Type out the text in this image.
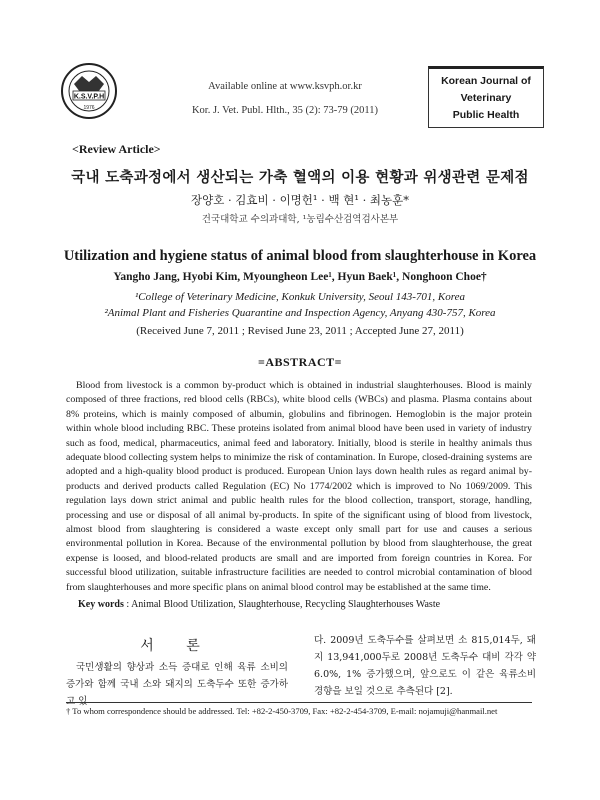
K.S.V.P.H
1976
Available online at www.ksvph.or.kr
Kor. J. Vet. Publ. Hlth., 35 (2): 73-79 (2011)
Korean Journal of
Veterinary
Public Health
<Review Article>
국내 도축과정에서 생산되는 가축 혈액의 이용 현황과 위생관련 문제점
장양호 · 김효비 · 이명헌¹ · 백 현¹ · 최농훈*
건국대학교 수의과대학, ¹농림수산검역검사본부
Utilization and hygiene status of animal blood from slaughterhouse in Korea
Yangho Jang, Hyobi Kim, Myoungheon Lee¹, Hyun Baek¹, Nonghoon Choe†
¹College of Veterinary Medicine, Konkuk University, Seoul 143-701, Korea
²Animal Plant and Fisheries Quarantine and Inspection Agency, Anyang 430-757, Korea
(Received June 7, 2011 ; Revised June 23, 2011 ; Accepted June 27, 2011)
=ABSTRACT=
Blood from livestock is a common by-product which is obtained in industrial slaughterhouses. Blood is mainly composed of three fractions, red blood cells (RBCs), white blood cells (WBCs) and plasma. Plasma contains about 8% proteins, which is mainly composed of albumin, globulins and fibrinogen. Hemoglobin is the major protein within whole blood including RBC. These proteins isolated from animal blood have been used in variety of industry such as food, medical, pharmaceutics, animal feed and laboratory. Initially, blood is sterile in healthy animals thus adequate blood collecting system helps to minimize the risk of contamination. In Europe, closed-draining systems are adopted and a high-quality blood product is produced. European Union lays down health rules as regard animal by-products and derived products called Regulation (EC) No 1774/2002 which is improved to No 1069/2009. This regulation lays down strict animal and public health rules for the blood collection, transport, storage, handling, processing and use or disposal of all animal by-products. In spite of the significant using of blood from livestock, almost blood from slaughtering is considered a waste except only small part for use and causes a serious environmental pollution in Korea. Because of the environmental pollution by blood from slaughterhouse, the great expense is loosed, and blood-related products are small and are imported from foreign countries in Korea. For successful blood utilization, suitable infrastructure facilities are needed to control microbial contamination of blood from slaughterhouses and more specific plans on animal blood control may be established at the same time.
Key words : Animal Blood Utilization, Slaughterhouse, Recycling Slaughterhouses Waste
서 론
국민생활의 향상과 소득 증대로 인해 육류 소비의 증가와 함께 국내 소와 돼지의 도축두수 또한 증가하고 있
다. 2009년 도축두수를 살펴보면 소 815,014두, 돼지 13,941,000두로 2008년 도축두수 대비 각각 약 6.0%, 1% 증가했으며, 앞으로도 이 같은 육류소비 경향을 보일 것으로 추측된다 [2].
† To whom correspondence should be addressed. Tel: +82-2-450-3709, Fax: +82-2-454-3709, E-mail: nojamuji@hanmail.net
